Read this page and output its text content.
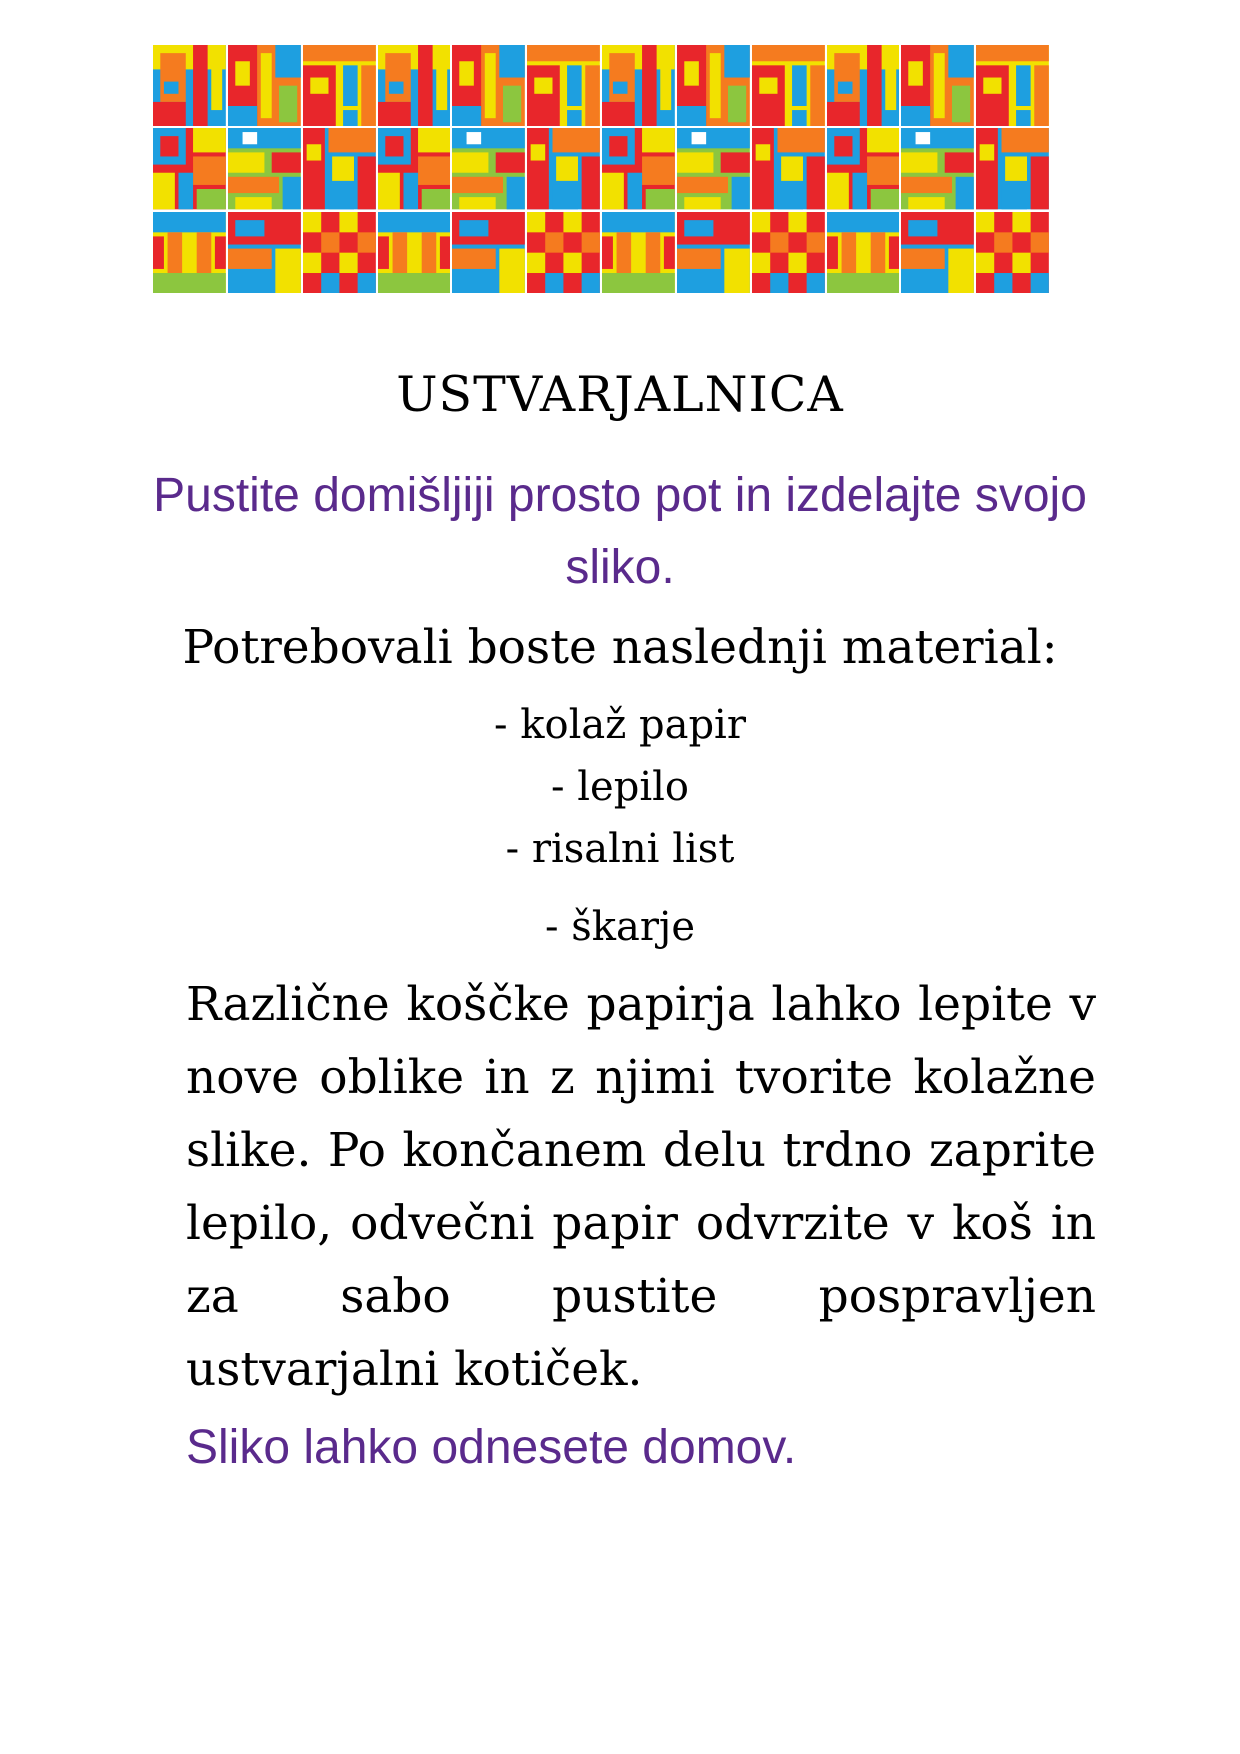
USTVARJALNICA

Pustite domišljiji prosto pot in izdelajte svojo sliko.

Potrebovali boste naslednji material:

- kolaž papir
- lepilo
- risalni list
- škarje

Različne koščke papirja lahko lepite v nove oblike in z njimi tvorite kolažne slike. Po končanem delu trdno zaprite lepilo, odvečni papir odvrzite v koš in za sabo pustite pospravljen ustvarjalni kotiček.

Sliko lahko odnesete domov.
